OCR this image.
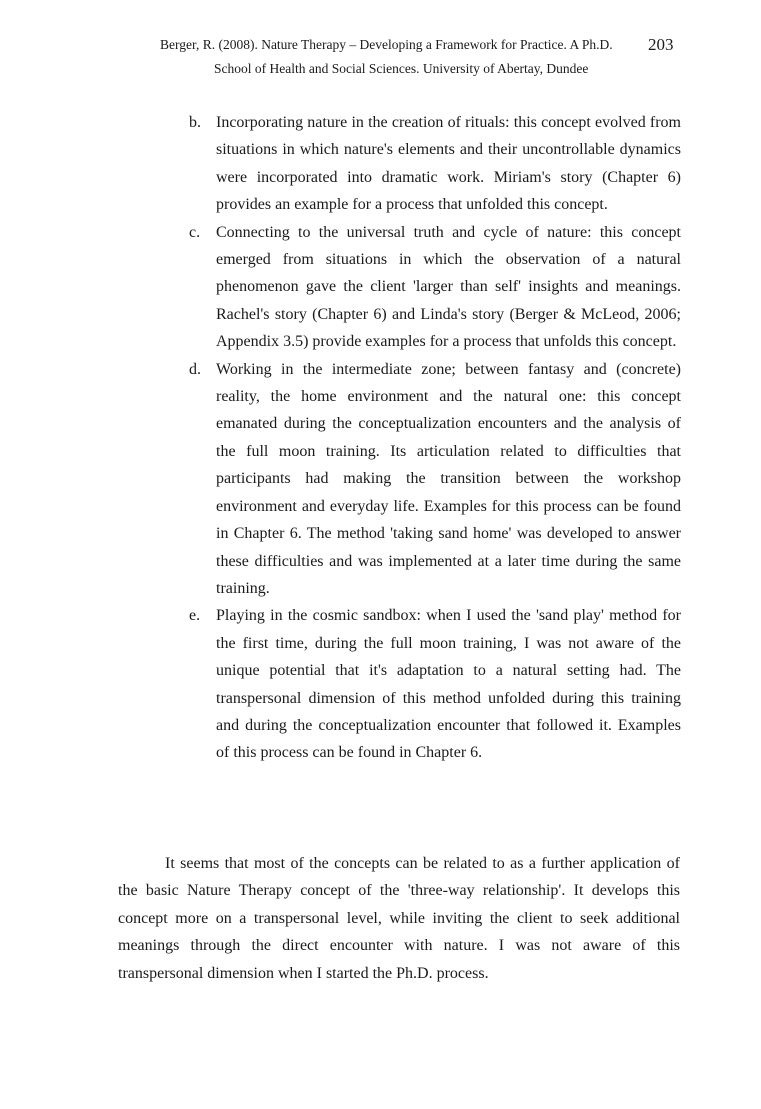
Berger, R. (2008). Nature Therapy – Developing a Framework for Practice. A Ph.D. 203
School of Health and Social Sciences. University of Abertay, Dundee
b. Incorporating nature in the creation of rituals: this concept evolved from situations in which nature's elements and their uncontrollable dynamics were incorporated into dramatic work. Miriam's story (Chapter 6) provides an example for a process that unfolded this concept.
c. Connecting to the universal truth and cycle of nature: this concept emerged from situations in which the observation of a natural phenomenon gave the client 'larger than self' insights and meanings. Rachel's story (Chapter 6) and Linda's story (Berger & McLeod, 2006; Appendix 3.5) provide examples for a process that unfolds this concept.
d. Working in the intermediate zone; between fantasy and (concrete) reality, the home environment and the natural one: this concept emanated during the conceptualization encounters and the analysis of the full moon training. Its articulation related to difficulties that participants had making the transition between the workshop environment and everyday life. Examples for this process can be found in Chapter 6. The method 'taking sand home' was developed to answer these difficulties and was implemented at a later time during the same training.
e. Playing in the cosmic sandbox: when I used the 'sand play' method for the first time, during the full moon training, I was not aware of the unique potential that it's adaptation to a natural setting had. The transpersonal dimension of this method unfolded during this training and during the conceptualization encounter that followed it. Examples of this process can be found in Chapter 6.

It seems that most of the concepts can be related to as a further application of the basic Nature Therapy concept of the 'three-way relationship'. It develops this concept more on a transpersonal level, while inviting the client to seek additional meanings through the direct encounter with nature. I was not aware of this transpersonal dimension when I started the Ph.D. process.
